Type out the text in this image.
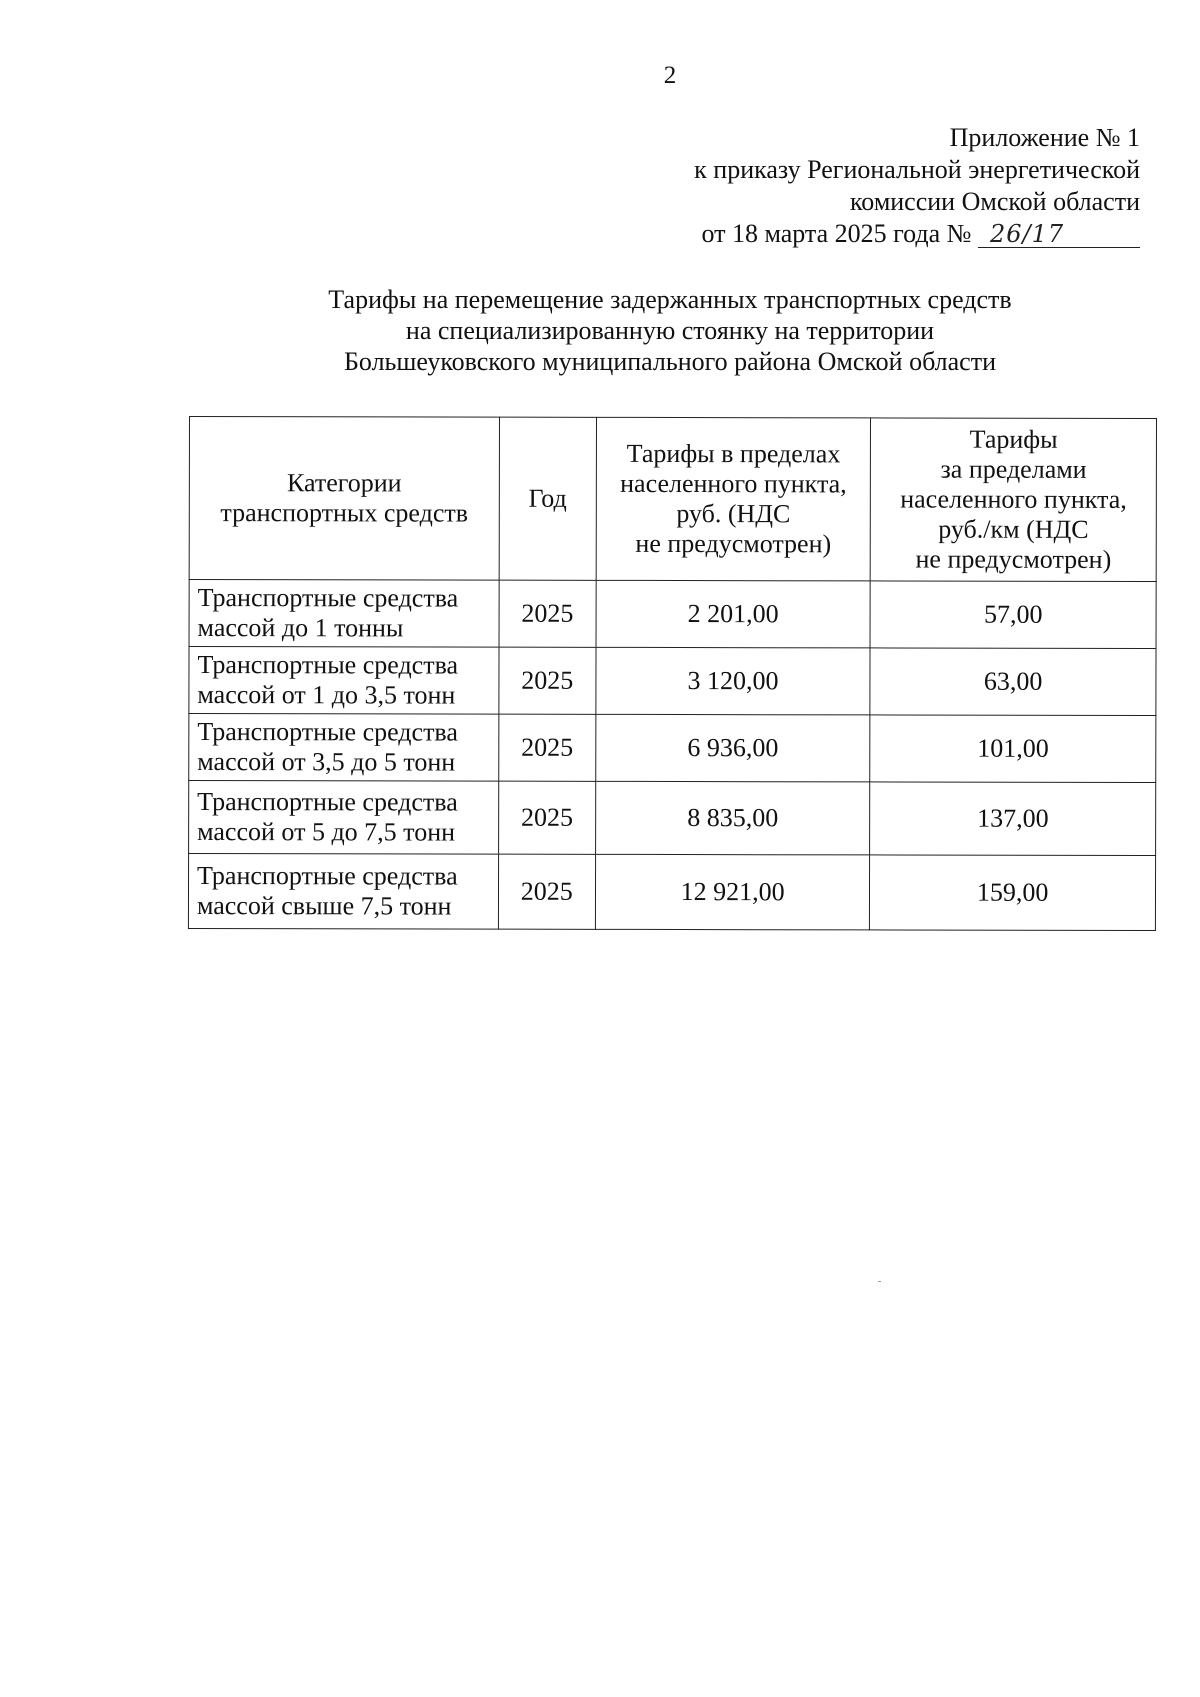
2
Приложение № 1
к приказу Региональной энергетической
комиссии Омской области
от 18 марта 2025 года № 26/17
Тарифы на перемещение задержанных транспортных средств
на специализированную стоянку на территории
Большеуковского муниципального района Омской области
Категории
транспортных средств	Год	Тарифы в пределах
населенного пункта,
руб. (НДС
не предусмотрен)	Тарифы
за пределами
населенного пункта,
руб./км (НДС
не предусмотрен)

Транспортные средства
массой до 1 тонны	2025	2 201,00	57,00

Транспортные средства
массой от 1 до 3,5 тонн	2025	3 120,00	63,00

Транспортные средства
массой от 3,5 до 5 тонн	2025	6 936,00	101,00

Транспортные средства
массой от 5 до 7,5 тонн	2025	8 835,00	137,00

Транспортные средства
массой свыше 7,5 тонн	2025	12 921,00	159,00
